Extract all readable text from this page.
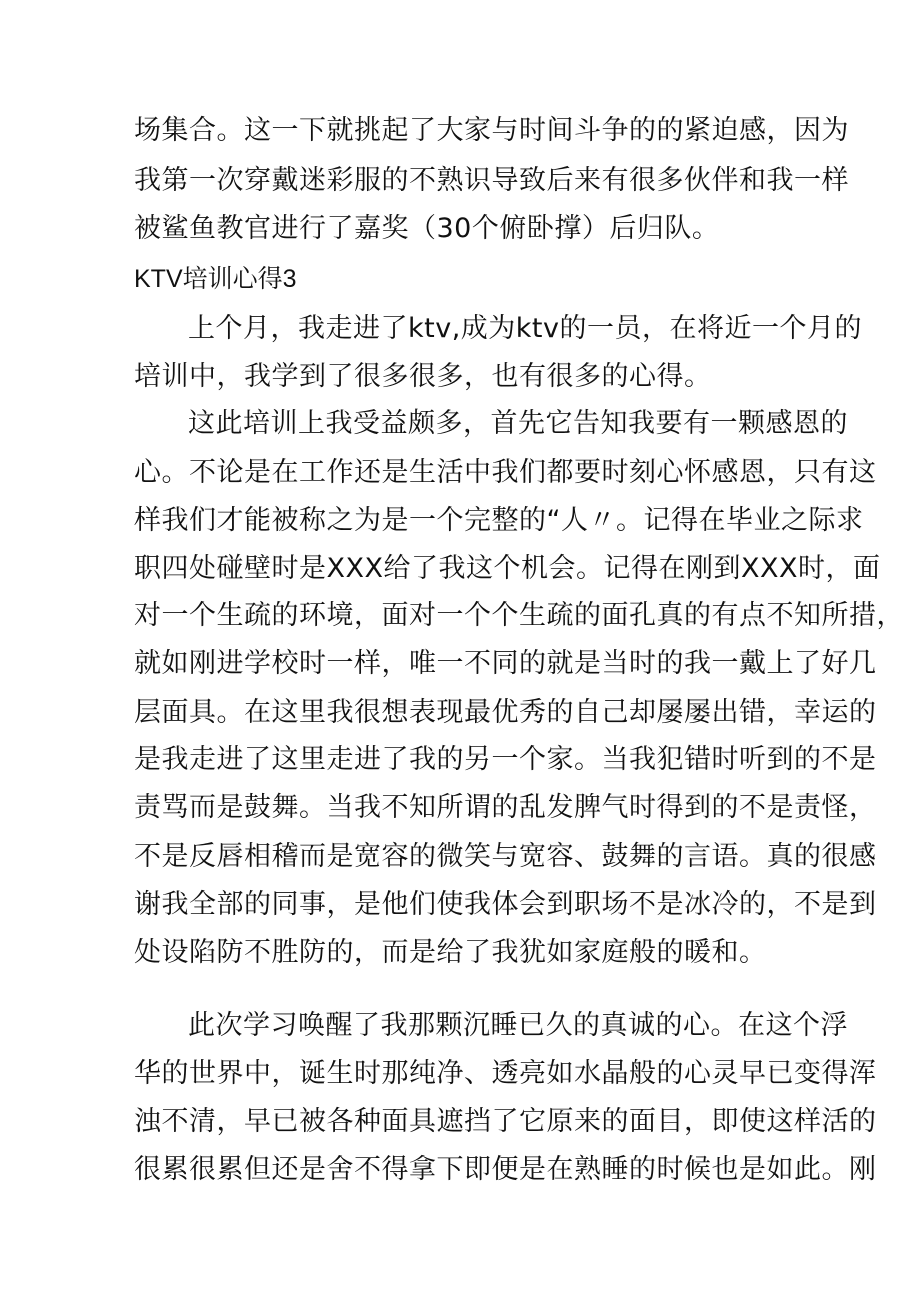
场集合。这一下就挑起了大家与时间斗争的的紧迫感，因为
我第一次穿戴迷彩服的不熟识导致后来有很多伙伴和我一样
被鲨鱼教官进行了嘉奖（30个俯卧撑）后归队。
KTV培训心得3
上个月，我走进了ktv,成为ktv的一员，在将近一个月的
培训中，我学到了很多很多，也有很多的心得。
这此培训上我受益颇多，首先它告知我要有一颗感恩的
心。不论是在工作还是生活中我们都要时刻心怀感恩，只有这
样我们才能被称之为是一个完整的“人〃。记得在毕业之际求
职四处碰壁时是XXX给了我这个机会。记得在刚到XXX时，面
对一个生疏的环境，面对一个个生疏的面孔真的有点不知所措，
就如刚进学校时一样，唯一不同的就是当时的我一戴上了好几
层面具。在这里我很想表现最优秀的自己却屡屡出错，幸运的
是我走进了这里走进了我的另一个家。当我犯错时听到的不是
责骂而是鼓舞。当我不知所谓的乱发脾气时得到的不是责怪，
不是反唇相稽而是宽容的微笑与宽容、鼓舞的言语。真的很感
谢我全部的同事，是他们使我体会到职场不是冰冷的，不是到
处设陷防不胜防的，而是给了我犹如家庭般的暖和。
此次学习唤醒了我那颗沉睡已久的真诚的心。在这个浮
华的世界中，诞生时那纯净、透亮如水晶般的心灵早已变得浑
浊不清，早已被各种面具遮挡了它原来的面目，即使这样活的
很累很累但还是舍不得拿下即便是在熟睡的时候也是如此。刚
